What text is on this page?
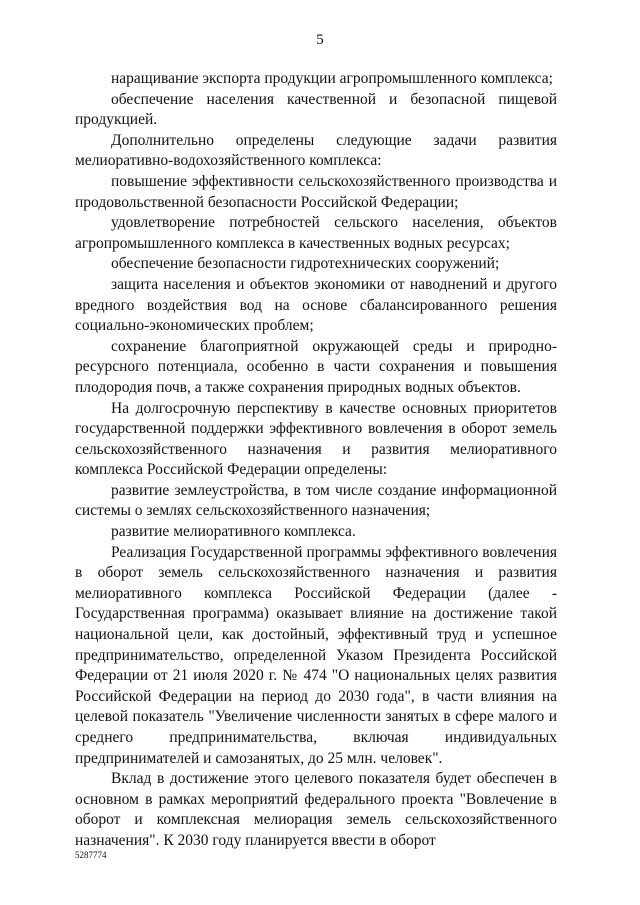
5

наращивание экспорта продукции агропромышленного комплекса;

обеспечение населения качественной и безопасной пищевой продукцией.

Дополнительно определены следующие задачи развития мелиоративно-водохозяйственного комплекса:

повышение эффективности сельскохозяйственного производства и продовольственной безопасности Российской Федерации;

удовлетворение потребностей сельского населения, объектов агропромышленного комплекса в качественных водных ресурсах;

обеспечение безопасности гидротехнических сооружений;

защита населения и объектов экономики от наводнений и другого вредного воздействия вод на основе сбалансированного решения социально-экономических проблем;

сохранение благоприятной окружающей среды и природно-ресурсного потенциала, особенно в части сохранения и повышения плодородия почв, а также сохранения природных водных объектов.

На долгосрочную перспективу в качестве основных приоритетов государственной поддержки эффективного вовлечения в оборот земель сельскохозяйственного назначения и развития мелиоративного комплекса Российской Федерации определены:

развитие землеустройства, в том числе создание информационной системы о землях сельскохозяйственного назначения;

развитие мелиоративного комплекса.

Реализация Государственной программы эффективного вовлечения в оборот земель сельскохозяйственного назначения и развития мелиоративного комплекса Российской Федерации (далее - Государственная программа) оказывает влияние на достижение такой национальной цели, как достойный, эффективный труд и успешное предпринимательство, определенной Указом Президента Российской Федерации от 21 июля 2020 г. № 474 "О национальных целях развития Российской Федерации на период до 2030 года", в части влияния на целевой показатель "Увеличение численности занятых в сфере малого и среднего предпринимательства, включая индивидуальных предпринимателей и самозанятых, до 25 млн. человек".

Вклад в достижение этого целевого показателя будет обеспечен в основном в рамках мероприятий федерального проекта "Вовлечение в оборот и комплексная мелиорация земель сельскохозяйственного назначения". К 2030 году планируется ввести в оборот

5287774
